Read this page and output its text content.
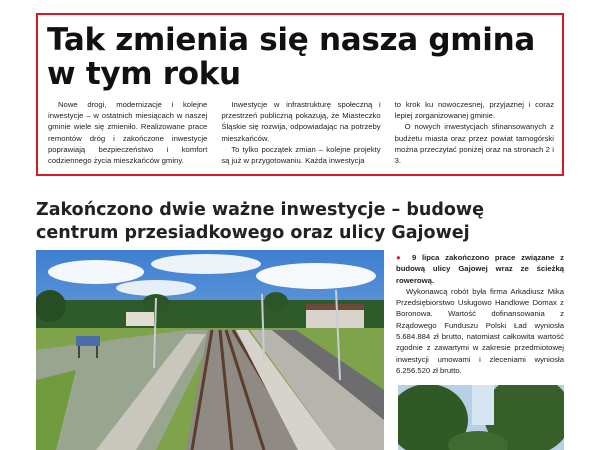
Tak zmienia się nasza gmina
w tym roku

Nowe drogi, modernizacje i kolejne inwestycje – w ostatnich miesiącach w naszej gminie wiele się zmieniło. Realizowane prace remontów dróg i zakończone inwestycje poprawiają bezpieczeństwo i komfort codziennego życia mieszkańców gminy.

Inwestycje w infrastrukturę społeczną i przestrzeń publiczną pokazują, że Miasteczko Śląskie się rozwija, odpowiadając na potrzeby mieszkańców.

To tylko początek zmian – kolejne projekty są już w przygotowaniu. Każda inwestycja

to krok ku nowoczesnej, przyjaznej i coraz lepiej zorganizowanej gminie.

O nowych inwestycjach sfinansowanych z budżetu miasta oraz przez powiat tarnogórski można przeczytać poniżej oraz na stronach 2 i 3.

Zakończono dwie ważne inwestycje – budowę centrum przesiadkowego oraz ulicy Gajowej

● 9 lipca zakończono prace związane z budową ulicy Gajowej wraz ze ścieżką rowerową.

Wykonawcą robót była firma Arkadiusz Mika Przedsiębiorstwo Usługowo Handlowe Domax z Boronowa. Wartość dofinansowania z Rządowego Funduszu Polski Ład wyniosła 5.684.884 zł brutto, natomiast całkowita wartość zgodnie z zawartymi w zakresie przedmiotowej inwestycji umowami i zleceniami wyniosła 6.256.520 zł brutto.
